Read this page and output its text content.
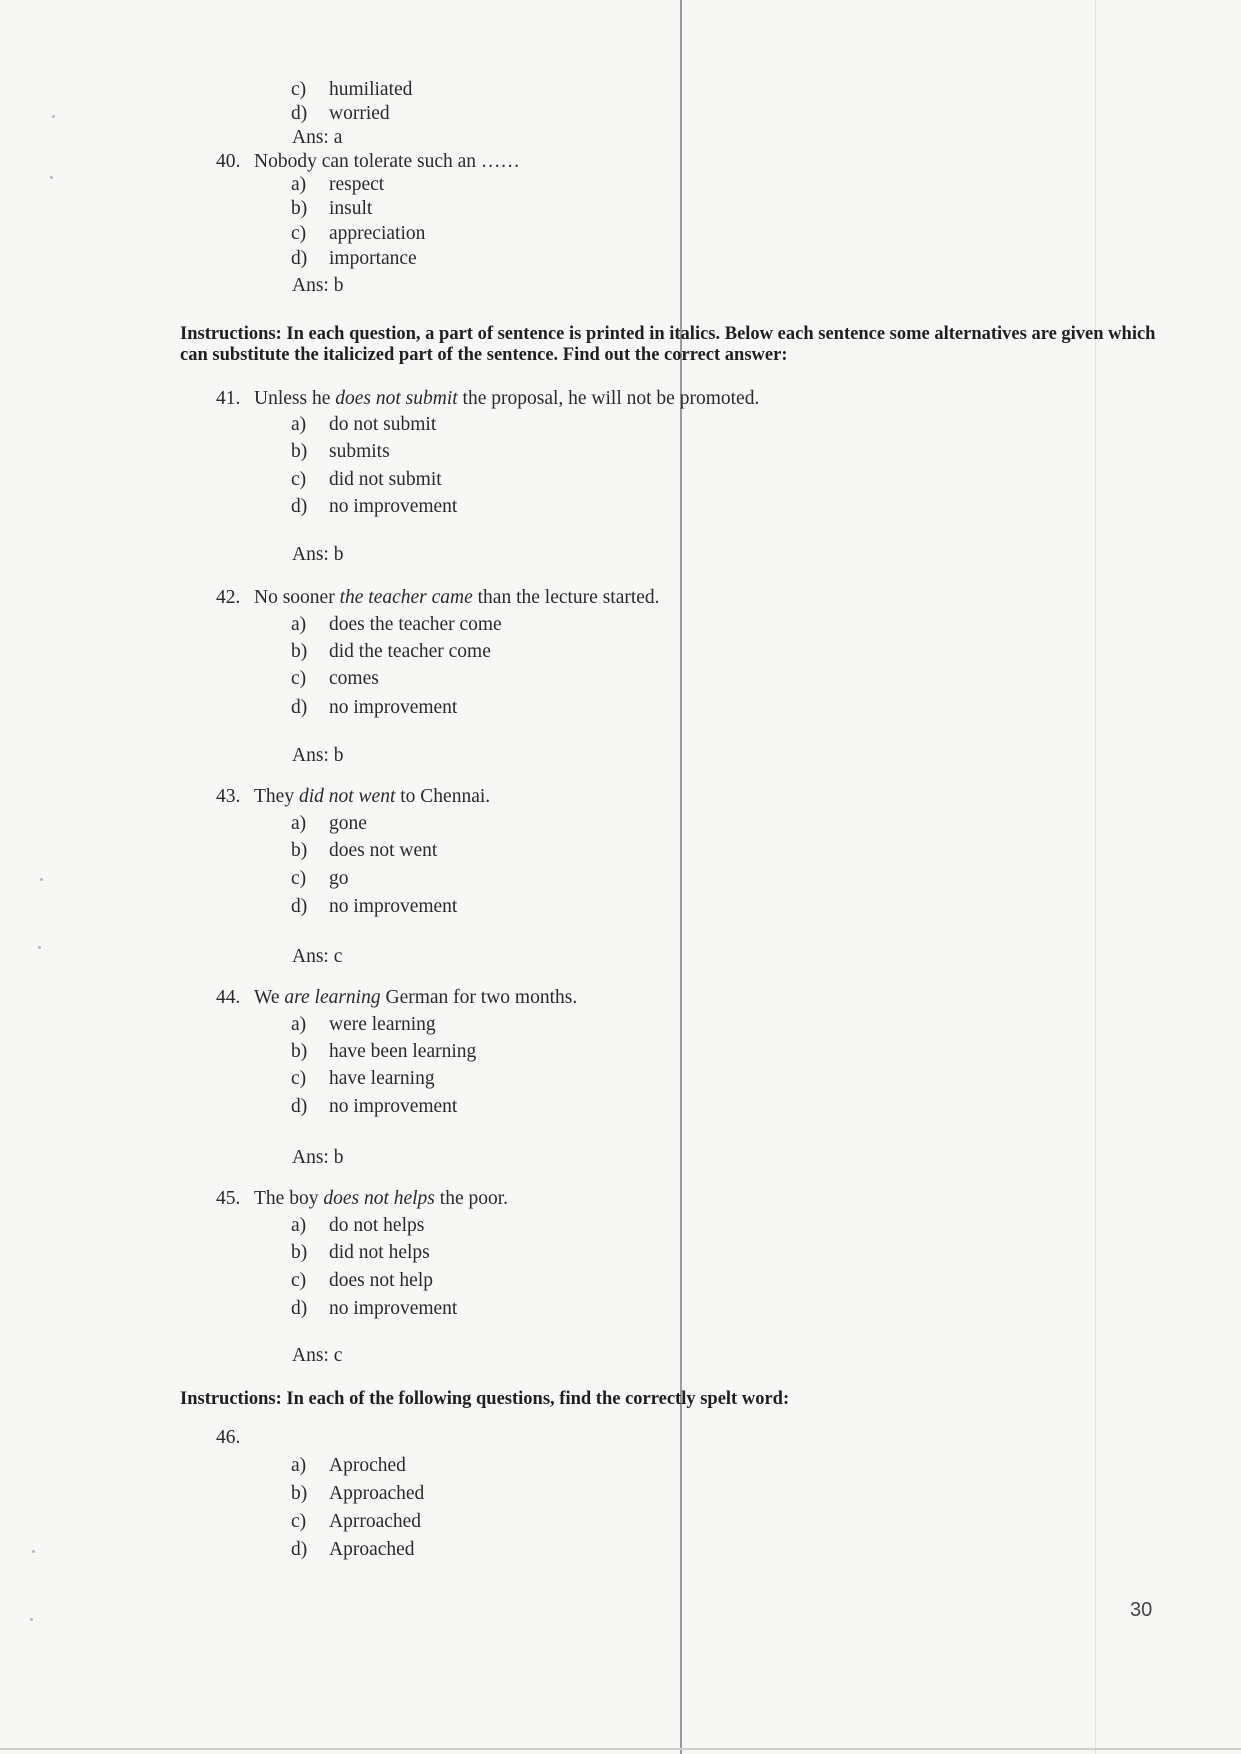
c) humiliated
d) worried
Ans: a
40. Nobody can tolerate such an ……
a) respect
b) insult
c) appreciation
d) importance
Ans: b
Instructions: In each question, a part of sentence is printed in italics. Below each sentence some alternatives are given which can substitute the italicized part of the sentence. Find out the correct answer:
41. Unless he does not submit the proposal, he will not be promoted.
a) do not submit
b) submits
c) did not submit
d) no improvement
Ans: b
42. No sooner the teacher came than the lecture started.
a) does the teacher come
b) did the teacher come
c) comes
d) no improvement
Ans: b
43. They did not went to Chennai.
a) gone
b) does not went
c) go
d) no improvement
Ans: c
44. We are learning German for two months.
a) were learning
b) have been learning
c) have learning
d) no improvement
Ans: b
45. The boy does not helps the poor.
a) do not helps
b) did not helps
c) does not help
d) no improvement
Ans: c
Instructions: In each of the following questions, find the correctly spelt word:
46.
a) Aproched
b) Approached
c) Aprroached
d) Aproached
30
